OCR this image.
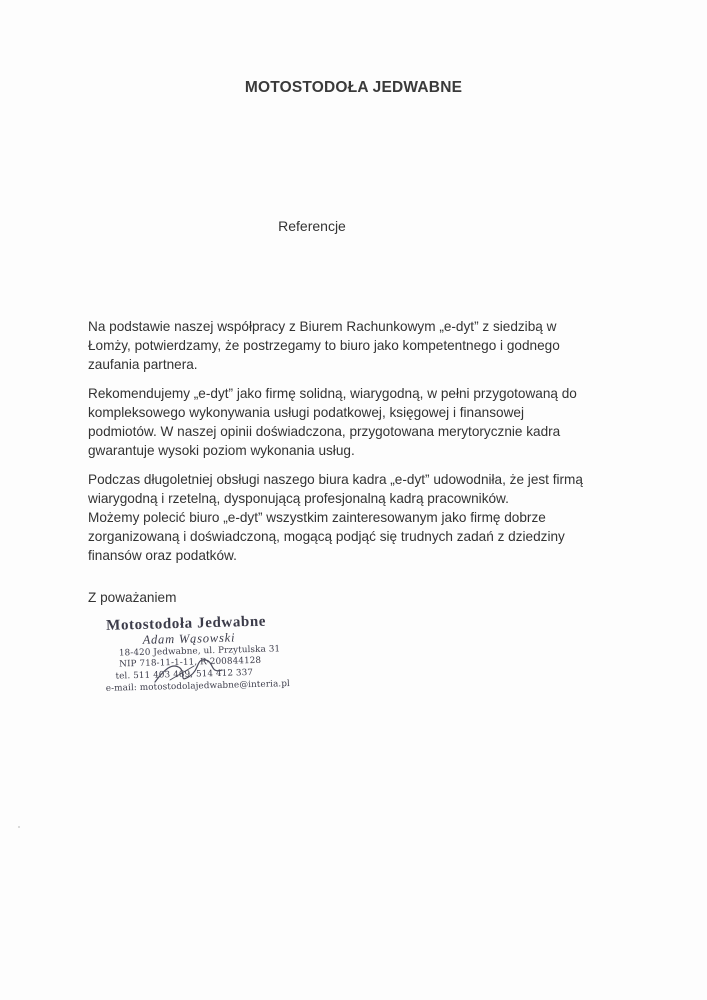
MOTOSTODOŁA JEDWABNE
Referencje
Na podstawie naszej współpracy z Biurem Rachunkowym „e-dyt” z siedzibą w
Łomży, potwierdzamy, że postrzegamy to biuro jako kompetentnego i godnego
zaufania partnera.
Rekomendujemy „e-dyt” jako firmę solidną, wiarygodną, w pełni przygotowaną do
kompleksowego wykonywania usługi podatkowej, księgowej i finansowej
podmiotów. W naszej opinii doświadczona, przygotowana merytorycznie kadra
gwarantuje wysoki poziom wykonania usług.
Podczas długoletniej obsługi naszego biura kadra „e-dyt” udowodniła, że jest firmą
wiarygodną i rzetelną, dysponującą profesjonalną kadrą pracowników.
Możemy polecić biuro „e-dyt” wszystkim zainteresowanym jako firmę dobrze
zorganizowaną i doświadczoną, mogącą podjąć się trudnych zadań z dziedziny
finansów oraz podatków.
Z poważaniem
Motostodoła Jedwabne
Adam Wąsowski
18-420 Jedwabne, ul. Przytulska 31
NIP 718-11-1-11, R-200844128
tel. 511 403 469, 514 412 337
e-mail: motostodolajedwabne@interia.pl
